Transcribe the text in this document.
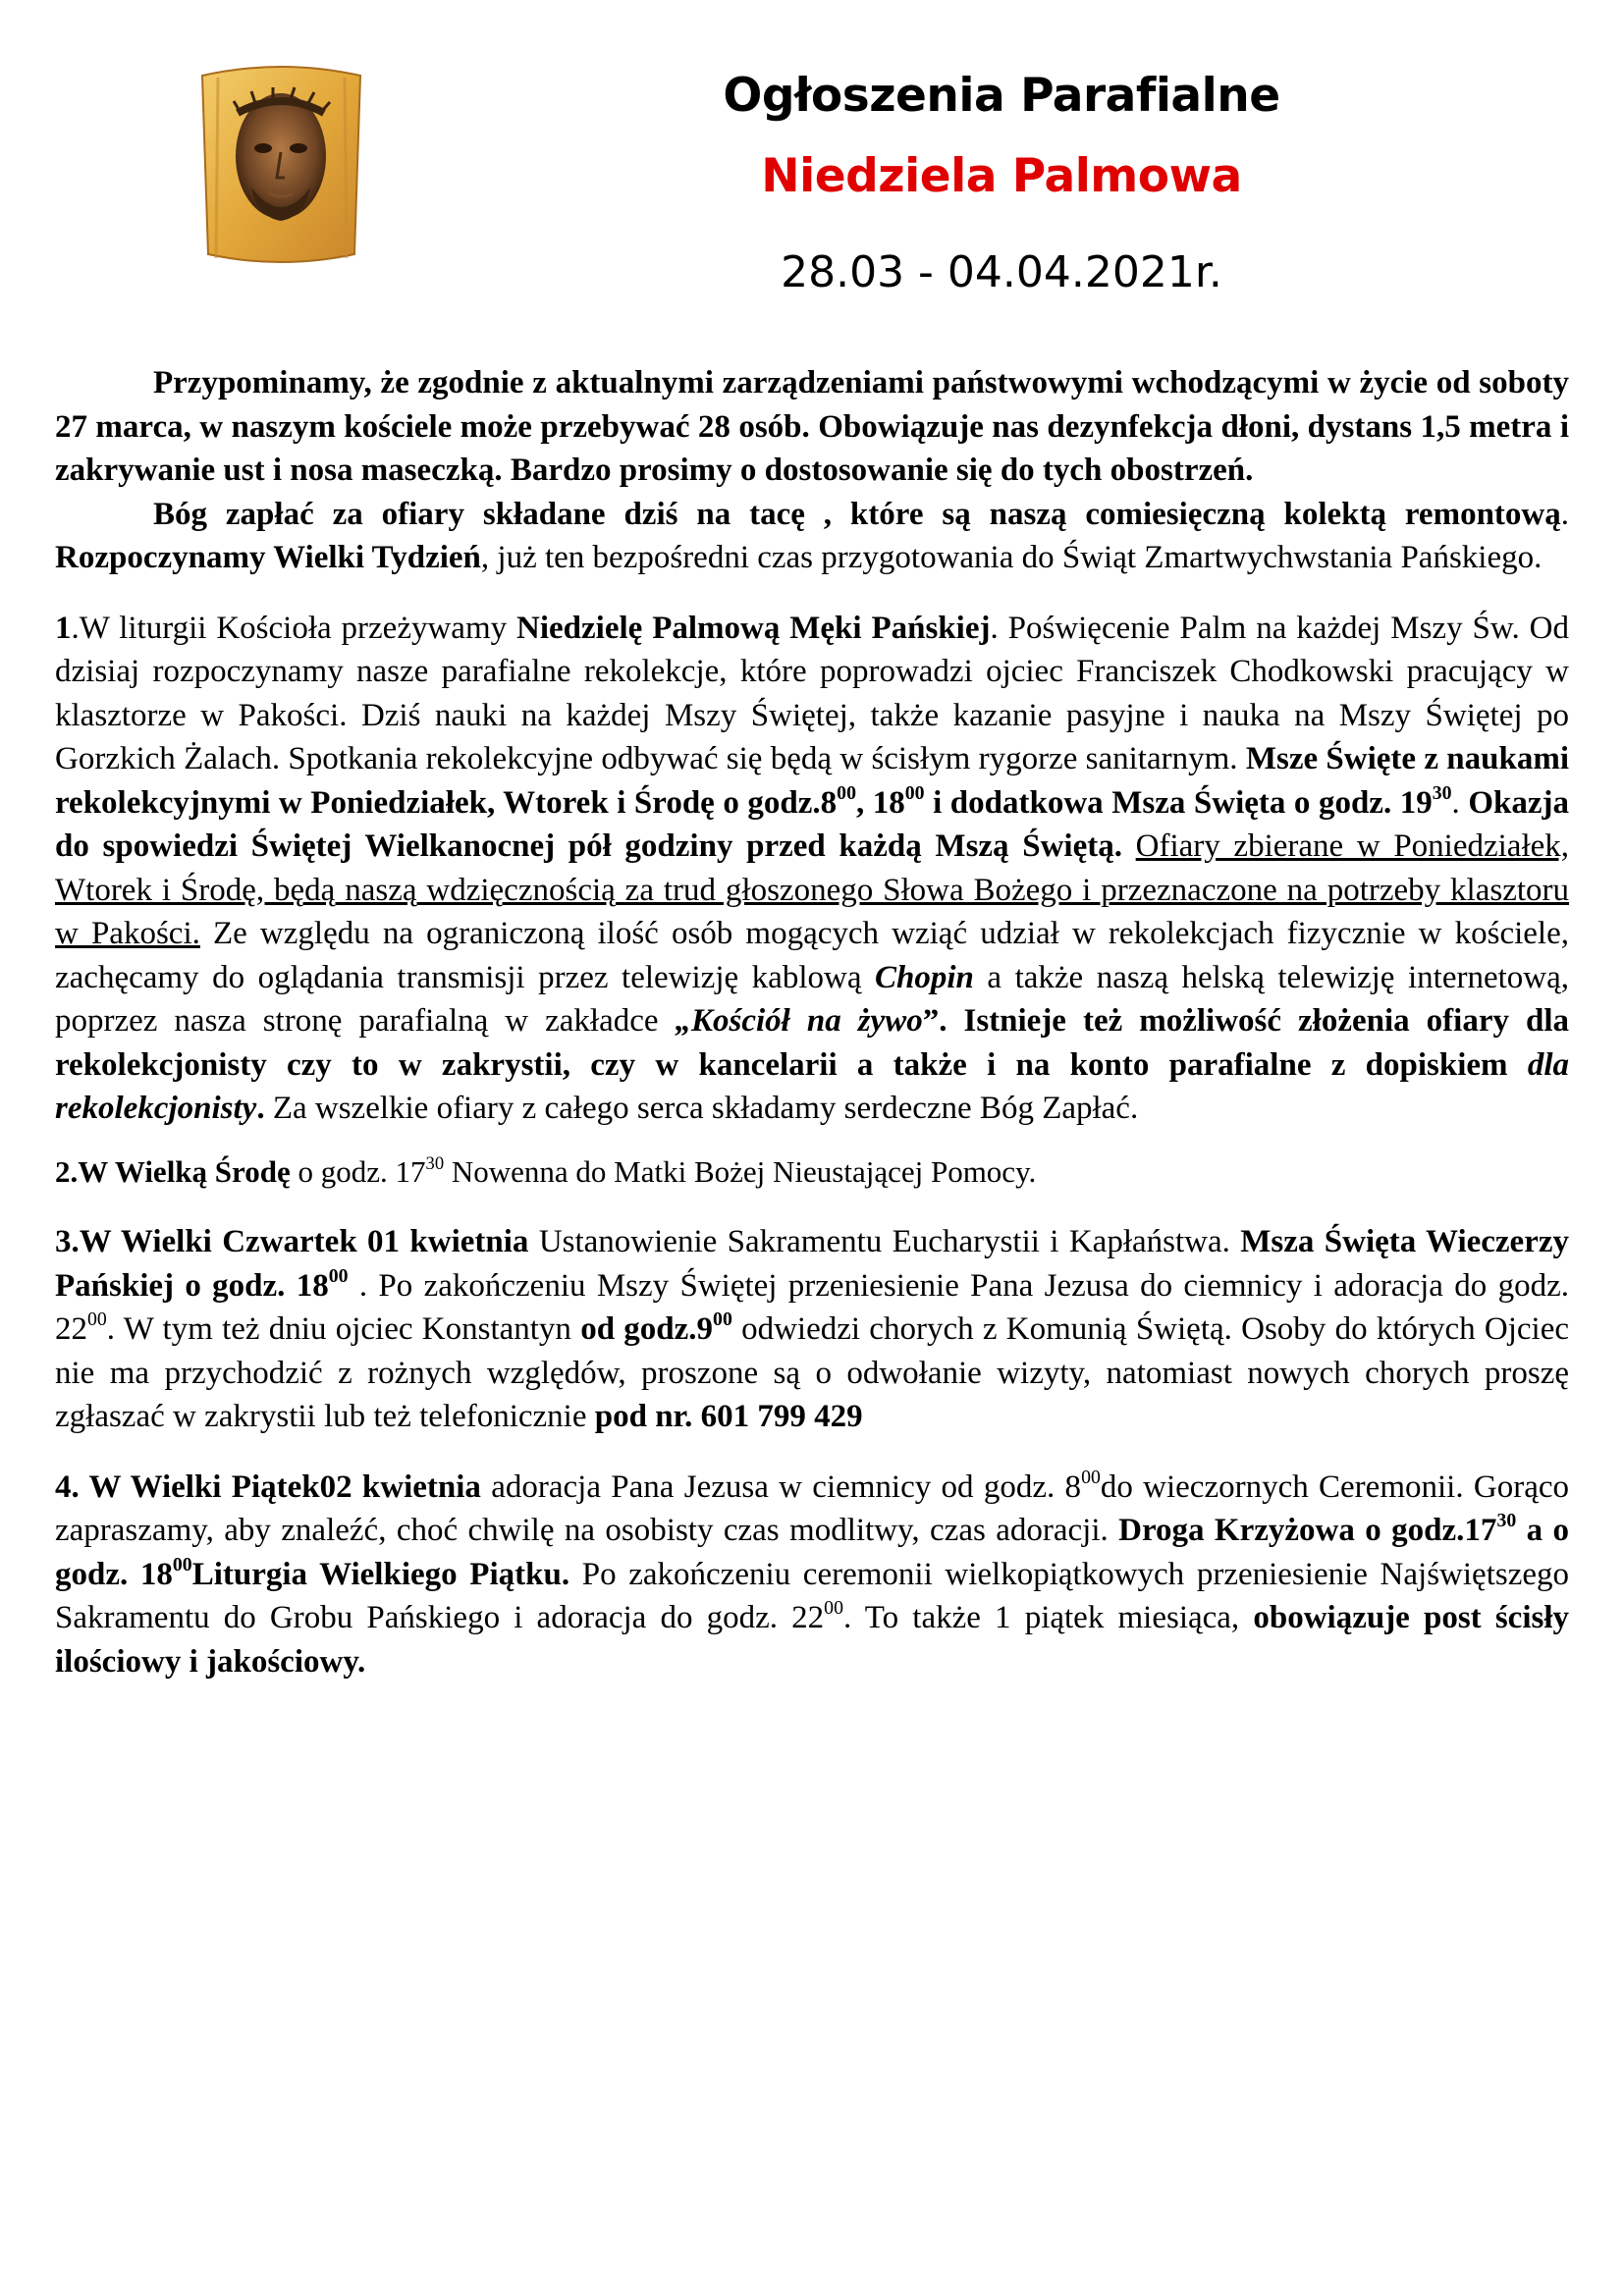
Ogłoszenia Parafialne
Niedziela Palmowa
28.03 - 04.04.2021r.

Przypominamy, że zgodnie z aktualnymi zarządzeniami państwowymi wchodzącymi w życie od soboty 27 marca, w naszym kościele może przebywać 28 osób. Obowiązuje nas dezynfekcja dłoni, dystans 1,5 metra i zakrywanie ust i nosa maseczką. Bardzo prosimy o dostosowanie się do tych obostrzeń.

Bóg zapłać za ofiary składane dziś na tacę , które są naszą comiesięczną kolektą remontową. Rozpoczynamy Wielki Tydzień, już ten bezpośredni czas przygotowania do Świąt Zmartwychwstania Pańskiego.

1.W liturgii Kościoła przeżywamy Niedzielę Palmową Męki Pańskiej. Poświęcenie Palm na każdej Mszy Św. Od dzisiaj rozpoczynamy nasze parafialne rekolekcje, które poprowadzi ojciec Franciszek Chodkowski pracujący w klasztorze w Pakości. Dziś nauki na każdej Mszy Świętej, także kazanie pasyjne i nauka na Mszy Świętej po Gorzkich Żalach. Spotkania rekolekcyjne odbywać się będą w ścisłym rygorze sanitarnym. Msze Święte z naukami rekolekcyjnymi w Poniedziałek, Wtorek i Środę o $godz.8^{00}$, $18^{00}$ i dodatkowa Msza Święta o godz. $19^{30}$. Okazja do spowiedzi Świętej Wielkanocnej pół godziny przed każdą Mszą Świętą. Ofiary zbierane w Poniedziałek, Wtorek i Środę, będą naszą wdzięcznością za trud głoszonego Słowa Bożego i przeznaczone na potrzeby klasztoru w Pakości. Ze względu na ograniczoną ilość osób mogących wziąć udział w rekolekcjach fizycznie w kościele, zachęcamy do oglądania transmisji przez telewizję kablową Chopin a także naszą helską telewizję internetową, poprzez nasza stronę parafialną w zakładce „Kościół na żywo”. Istnieje też możliwość złożenia ofiary dla rekolekcjonisty czy to w zakrystii, czy w kancelarii a także i na konto parafialne z dopiskiem dla rekolekcjonisty. Za wszelkie ofiary z całego serca składamy serdeczne Bóg Zapłać.

2.W Wielką Środę o godz. $17^{30}$ Nowenna do Matki Bożej Nieustającej Pomocy.

3.W Wielki Czwartek 01 kwietnia Ustanowienie Sakramentu Eucharystii i Kapłaństwa. Msza Święta Wieczerzy Pańskiej o godz. $18^{00}$ . Po zakończeniu Mszy Świętej przeniesienie Pana Jezusa do ciemnicy i adoracja do godz. $22^{00}$. W tym też dniu ojciec Konstantyn od $godz.9^{00}$ odwiedzi chorych z Komunią Świętą. Osoby do których Ojciec nie ma przychodzić z rożnych względów, proszone są o odwołanie wizyty, natomiast nowych chorych proszę zgłaszać w zakrystii lub też telefonicznie pod nr. 601 799 429

4. W Wielki Piątek02 kwietnia adoracja Pana Jezusa w ciemnicy od godz. $8^{00}do$ wieczornych Ceremonii. Gorąco zapraszamy, aby znaleźć, choć chwilę na osobisty czas modlitwy, czas adoracji. Droga Krzyżowa o $godz.17^{30}$ a o godz. $18^{00}Liturgia$ Wielkiego Piątku. Po zakończeniu ceremonii wielkopiątkowych przeniesienie Najświętszego Sakramentu do Grobu Pańskiego i adoracja do godz. $22^{00}$. To także 1 piątek miesiąca, obowiązuje post ścisły ilościowy i jakościowy.
